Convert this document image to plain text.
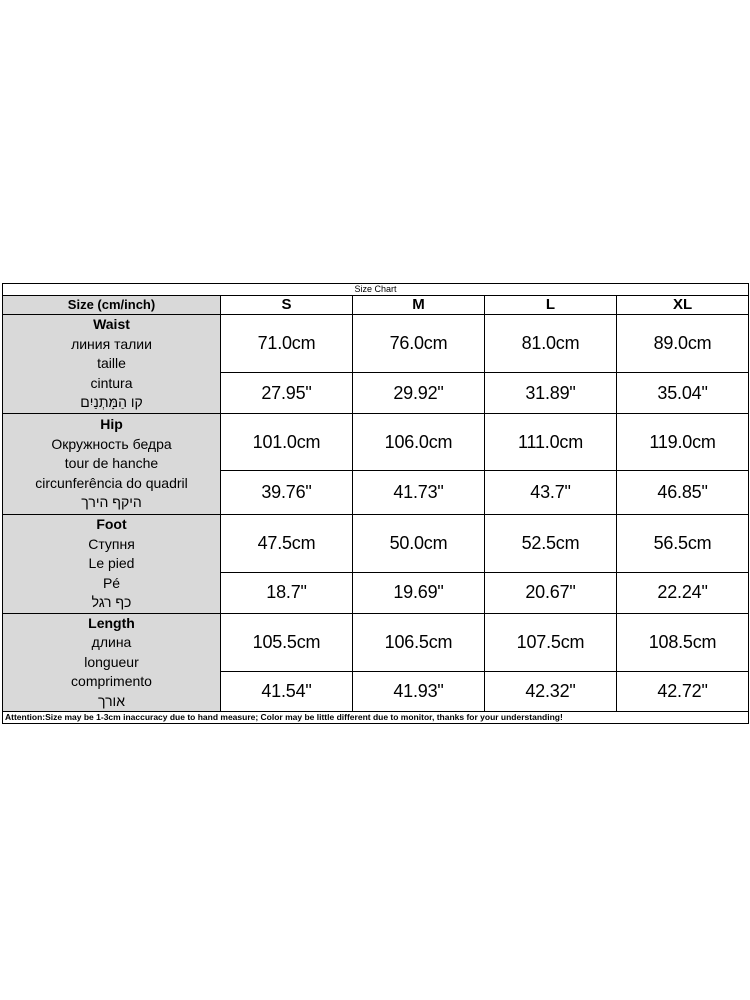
Size Chart				
Size (cm/inch)	S	M	L	XL

Waist
линия талии
taille
cintura
קו הַמָּתְנַיִם	71.0cm	76.0cm	81.0cm	89.0cm
	27.95"	29.92"	31.89"	35.04"

Hip
Окружность бедра
tour de hanche
circunferência do quadril
היקף הירך	101.0cm	106.0cm	111.0cm	119.0cm
	39.76"	41.73"	43.7"	46.85"

Foot
Ступня
Le pied
Pé
כף רגל	47.5cm	50.0cm	52.5cm	56.5cm
	18.7"	19.69"	20.67"	22.24"

Length
длина
longueur
comprimento
אורך	105.5cm	106.5cm	107.5cm	108.5cm
	41.54"	41.93"	42.32"	42.72"
Attention:Size may be 1-3cm inaccuracy due to hand measure; Color may be little different due to monitor, thanks for your understanding!				
